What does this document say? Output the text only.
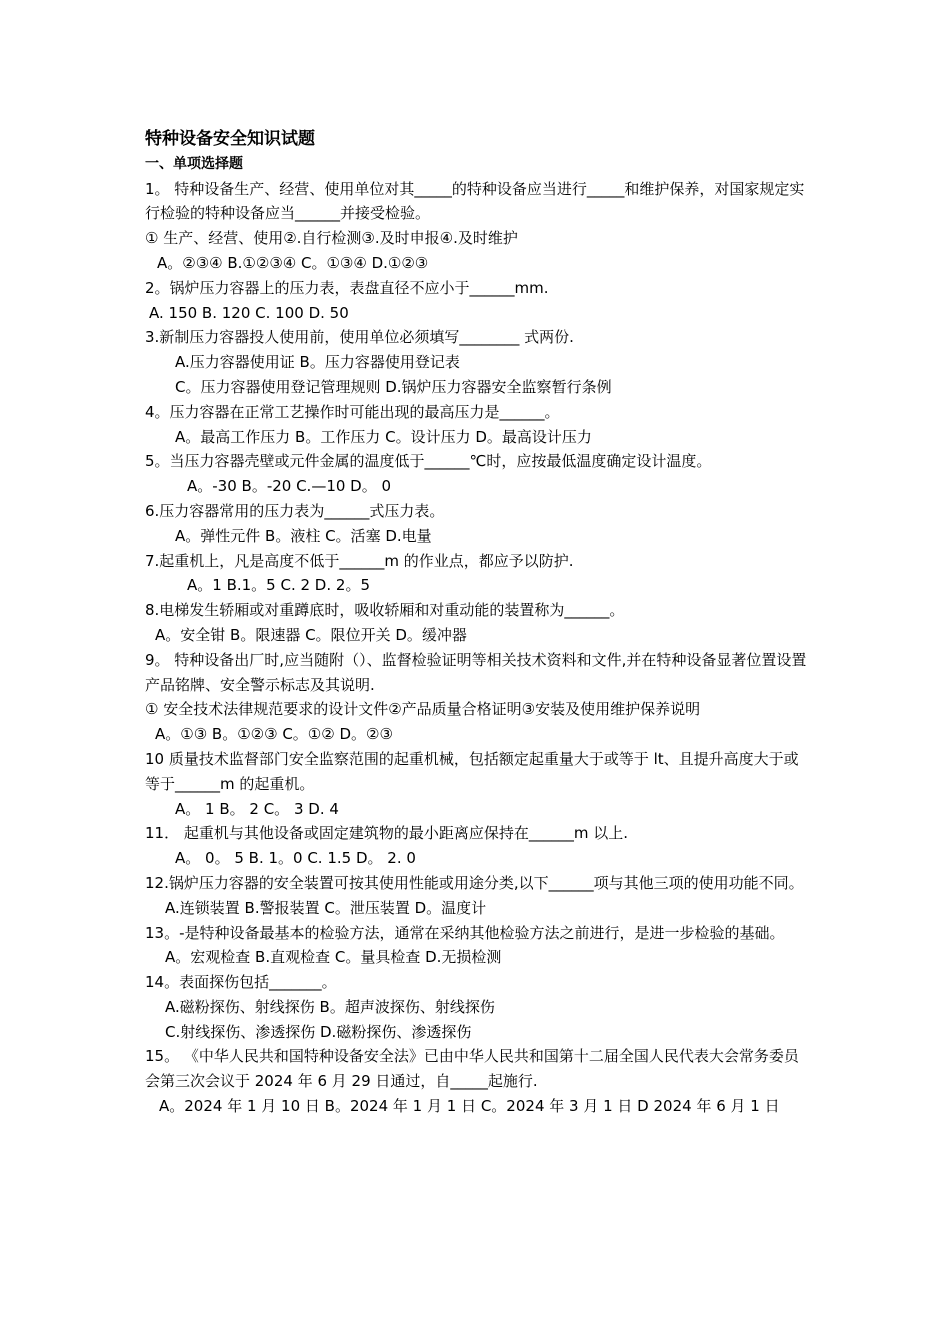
特种设备安全知识试题
一、单项选择题
1。 特种设备生产、经营、使用单位对其_____的特种设备应当进行_____和维护保养，对国家规定实行检验的特种设备应当______并接受检验。
① 生产、经营、使用②.自行检测③.及时申报④.及时维护
A。②③④ B.①②③④ C。①③④ D.①②③
2。锅炉压力容器上的压力表，表盘直径不应小于______mm.
A. 150 B. 120 C. 100 D. 50
3.新制压力容器投人使用前，使用单位必须填写________ 式两份.
A.压力容器使用证 B。压力容器使用登记表
C。压力容器使用登记管理规则 D.锅炉压力容器安全监察暂行条例
4。压力容器在正常工艺操作时可能出现的最高压力是______。
A。最高工作压力 B。工作压力 C。设计压力 D。最高设计压力
5。当压力容器壳壁或元件金属的温度低于______℃时，应按最低温度确定设计温度。
A。-30 B。-20 C.—10 D。 0
6.压力容器常用的压力表为______式压力表。
A。弹性元件 B。液柱 C。活塞 D.电量
7.起重机上，凡是高度不低于______m 的作业点，都应予以防护.
A。1 B.1。5 C. 2 D. 2。5
8.电梯发生轿厢或对重蹲底时，吸收轿厢和对重动能的装置称为______。
A。安全钳 B。限速器 C。限位开关 D。缓冲器
9。 特种设备出厂时,应当随附（）、监督检验证明等相关技术资料和文件,并在特种设备显著位置设置产品铭牌、安全警示标志及其说明.
① 安全技术法律规范要求的设计文件②产品质量合格证明③安装及使用维护保养说明
A。①③ B。①②③ C。①② D。②③
10 质量技术监督部门安全监察范围的起重机械，包括额定起重量大于或等于 lt、且提升高度大于或等于______m 的起重机。
A。 1 B。 2 C。 3 D. 4
11． 起重机与其他设备或固定建筑物的最小距离应保持在______m 以上.
A。 0。 5 B. 1。0 C. 1.5 D。 2. 0
12.锅炉压力容器的安全装置可按其使用性能或用途分类,以下______项与其他三项的使用功能不同。
A.连锁装置 B.警报装置 C。泄压装置 D。温度计
13。-是特种设备最基本的检验方法，通常在采纳其他检验方法之前进行，是进一步检验的基础。
A。宏观检查 B.直观检查 C。量具检查 D.无损检测
14。表面探伤包括_______。
A.磁粉探伤、射线探伤 B。超声波探伤、射线探伤
C.射线探伤、渗透探伤 D.磁粉探伤、渗透探伤
15。 《中华人民共和国特种设备安全法》已由中华人民共和国第十二届全国人民代表大会常务委员会第三次会议于 2024 年 6 月 29 日通过，自_____起施行.
A。2024 年 1 月 10 日 B。2024 年 1 月 1 日 C。2024 年 3 月 1 日 D 2024 年 6 月 1 日
